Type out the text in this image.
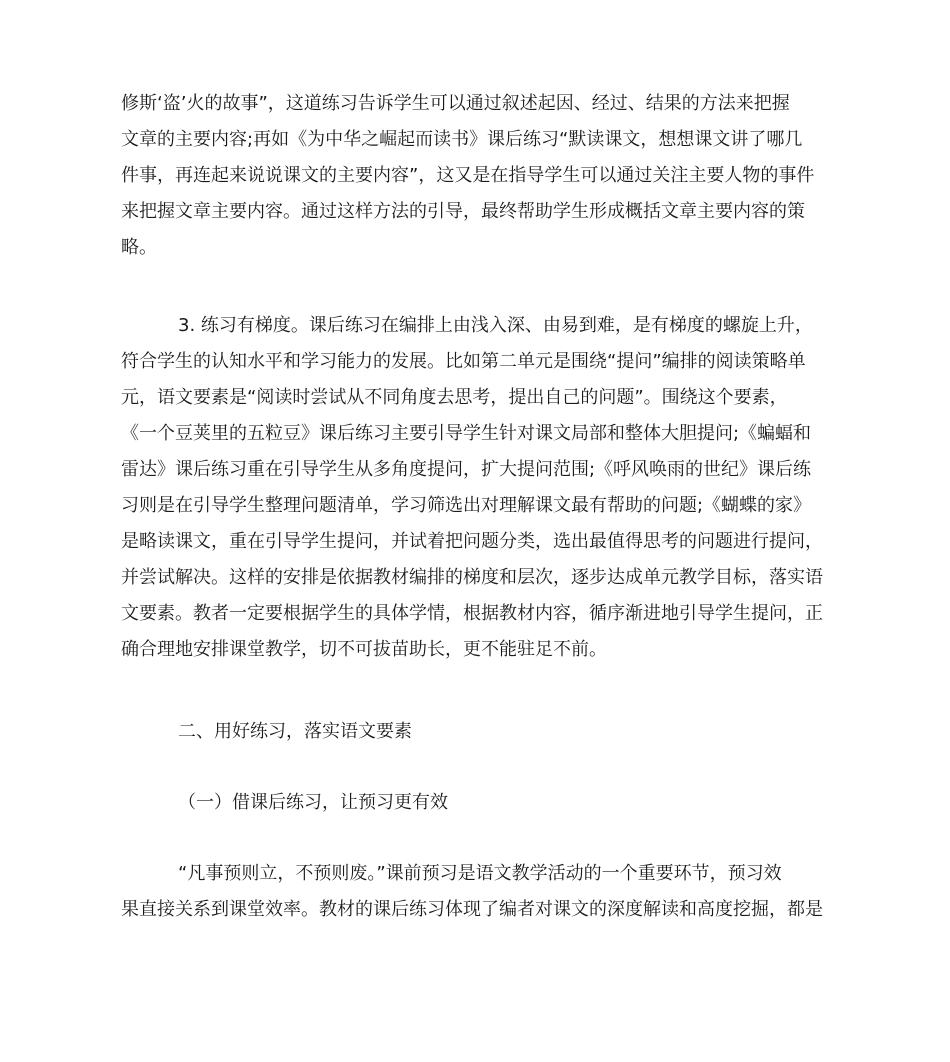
修斯‘盗’火的故事”，这道练习告诉学生可以通过叙述起因、经过、结果的方法来把握
文章的主要内容;再如《为中华之崛起而读书》课后练习“默读课文，想想课文讲了哪几
件事，再连起来说说课文的主要内容”，这又是在指导学生可以通过关注主要人物的事件
来把握文章主要内容。通过这样方法的引导，最终帮助学生形成概括文章主要内容的策
略。
3. 练习有梯度。课后练习在编排上由浅入深、由易到难，是有梯度的螺旋上升，
符合学生的认知水平和学习能力的发展。比如第二单元是围绕“提问”编排的阅读策略单
元，语文要素是“阅读时尝试从不同角度去思考，提出自己的问题”。围绕这个要素，
《一个豆荚里的五粒豆》课后练习主要引导学生针对课文局部和整体大胆提问;《蝙蝠和
雷达》课后练习重在引导学生从多角度提问，扩大提问范围;《呼风唤雨的世纪》课后练
习则是在引导学生整理问题清单，学习筛选出对理解课文最有帮助的问题;《蝴蝶的家》
是略读课文，重在引导学生提问，并试着把问题分类，选出最值得思考的问题进行提问，
并尝试解决。这样的安排是依据教材编排的梯度和层次，逐步达成单元教学目标，落实语
文要素。教者一定要根据学生的具体学情，根据教材内容，循序渐进地引导学生提问，正
确合理地安排课堂教学，切不可拔苗助长，更不能驻足不前。
二、用好练习，落实语文要素
（一）借课后练习，让预习更有效
“凡事预则立，不预则废。”课前预习是语文教学活动的一个重要环节，预习效
果直接关系到课堂效率。教材的课后练习体现了编者对课文的深度解读和高度挖掘，都是
